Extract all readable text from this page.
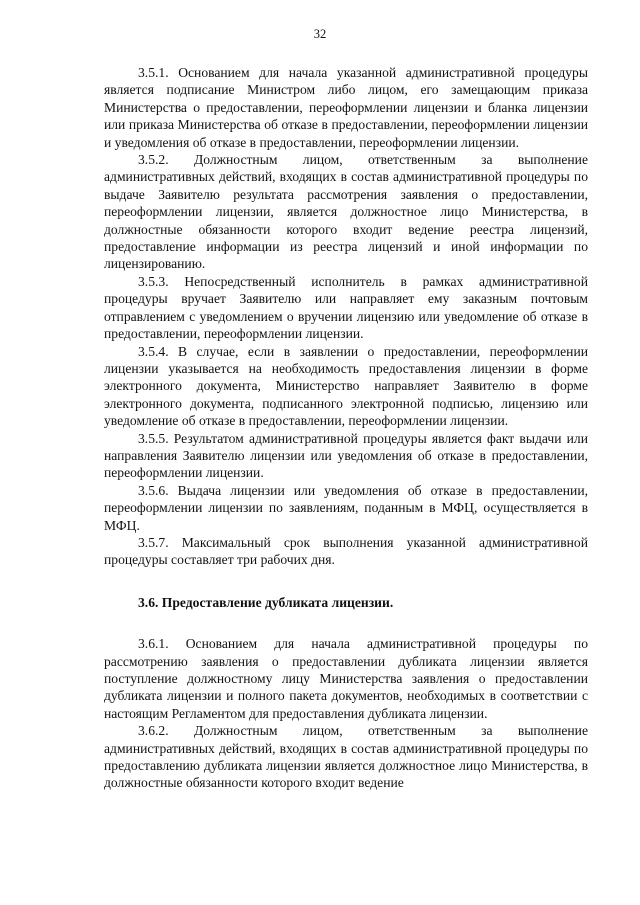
32

3.5.1. Основанием для начала указанной административной процедуры является подписание Министром либо лицом, его замещающим приказа Министерства о предоставлении, переоформлении лицензии и бланка лицензии или приказа Министерства об отказе в предоставлении, переоформлении лицензии и уведомления об отказе в предоставлении, переоформлении лицензии.

3.5.2. Должностным лицом, ответственным за выполнение административных действий, входящих в состав административной процедуры по выдаче Заявителю результата рассмотрения заявления о предоставлении, переоформлении лицензии, является должностное лицо Министерства, в должностные обязанности которого входит ведение реестра лицензий, предоставление информации из реестра лицензий и иной информации по лицензированию.

3.5.3. Непосредственный исполнитель в рамках административной процедуры вручает Заявителю или направляет ему заказным почтовым отправлением с уведомлением о вручении лицензию или уведомление об отказе в предоставлении, переоформлении лицензии.

3.5.4. В случае, если в заявлении о предоставлении, переоформлении лицензии указывается на необходимость предоставления лицензии в форме электронного документа, Министерство направляет Заявителю в форме электронного документа, подписанного электронной подписью, лицензию или уведомление об отказе в предоставлении, переоформлении лицензии.

3.5.5. Результатом административной процедуры является факт выдачи или направления Заявителю лицензии или уведомления об отказе в предоставлении, переоформлении лицензии.

3.5.6. Выдача лицензии или уведомления об отказе в предоставлении, переоформлении лицензии по заявлениям, поданным в МФЦ, осуществляется в МФЦ.

3.5.7. Максимальный срок выполнения указанной административной процедуры составляет три рабочих дня.

3.6. Предоставление дубликата лицензии.

3.6.1. Основанием для начала административной процедуры по рассмотрению заявления о предоставлении дубликата лицензии является поступление должностному лицу Министерства заявления о предоставлении дубликата лицензии и полного пакета документов, необходимых в соответствии с настоящим Регламентом для предоставления дубликата лицензии.

3.6.2. Должностным лицом, ответственным за выполнение административных действий, входящих в состав административной процедуры по предоставлению дубликата лицензии является должностное лицо Министерства, в должностные обязанности которого входит ведение
